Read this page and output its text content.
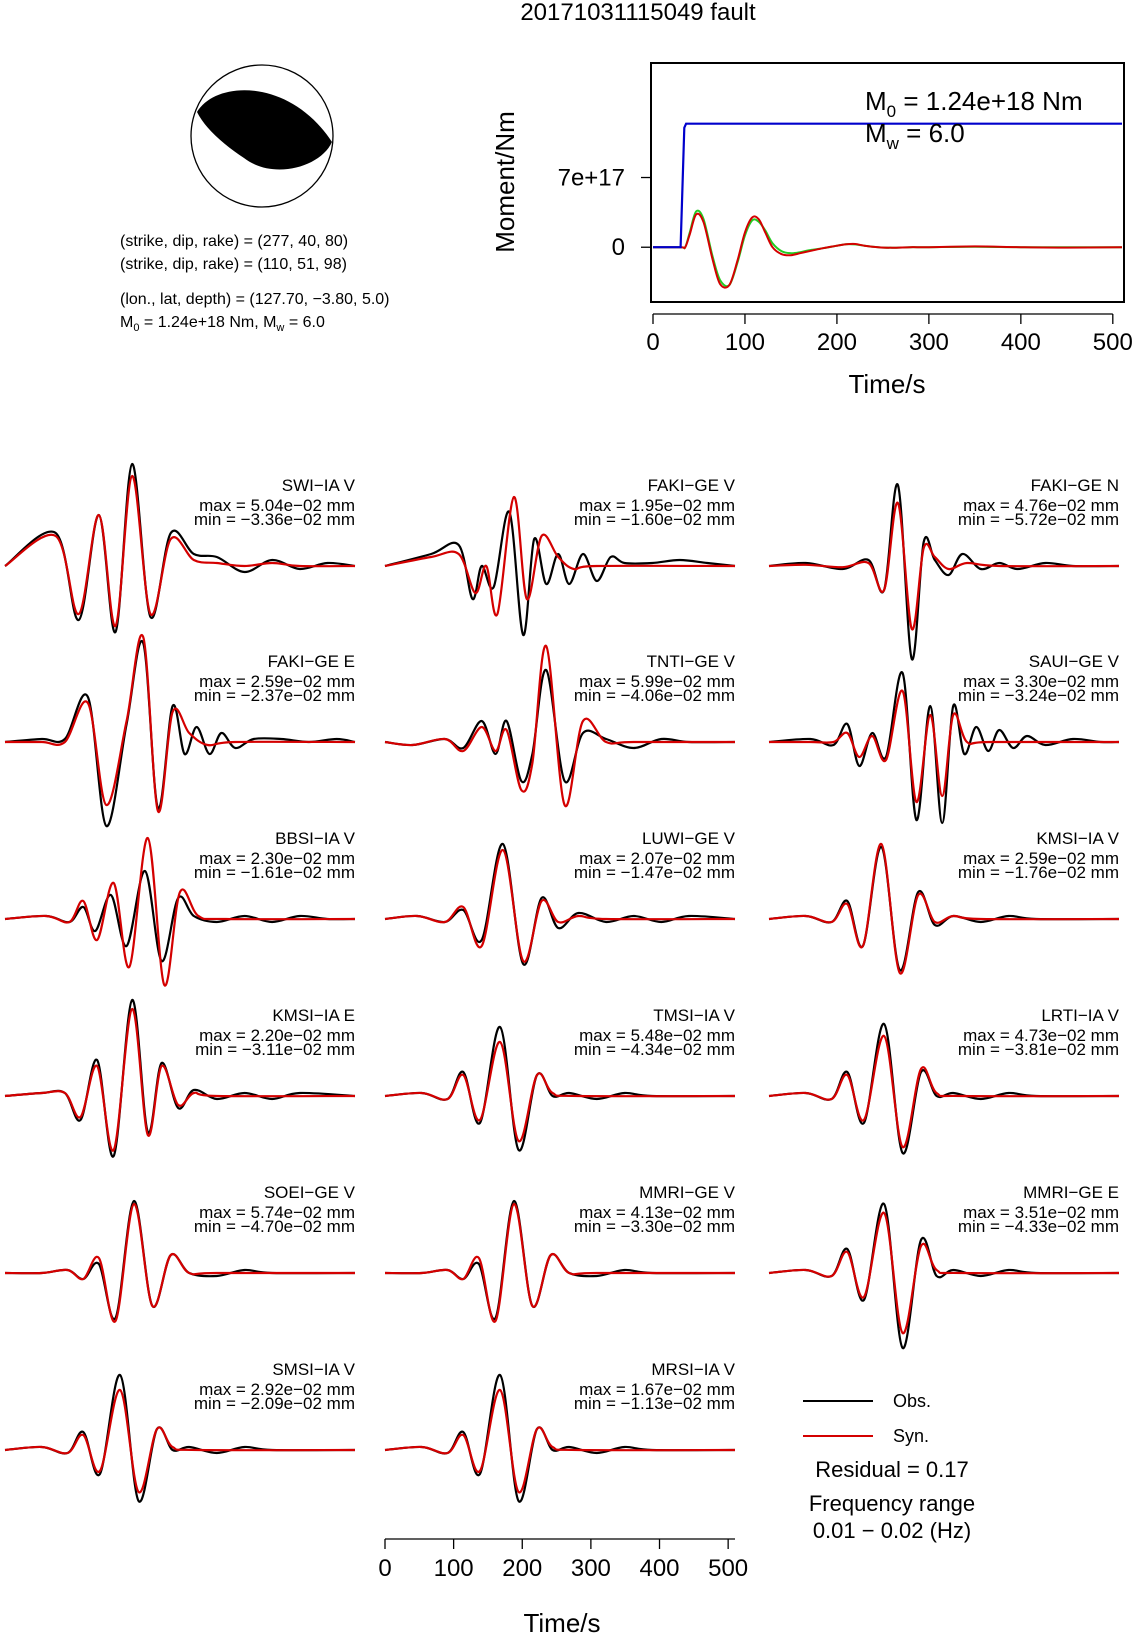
20171031115049 fault
(strike, dip, rake) = (277, 40, 80)
(strike, dip, rake) = (110, 51, 98)
(lon., lat, depth) = (127.70, −3.80, 5.0)
$M_0 = 1.24e+18$ Nm, $M_w = 6.0$
0	100 200 300 400 500
0
7e+17
Time/s
Moment/Nm
$M_0 = 1.24e+18$ Nm
$M_w = 6.0$
SWI−IA V
max = 5.04e−02 mm
min = −3.36e−02 mm
FAKI−GE V
max = 1.95e−02 mm
min = −1.60e−02 mm
FAKI−GE N
max = 4.76e−02 mm
min = −5.72e−02 mm
FAKI−GE E
max = 2.59e−02 mm
min = −2.37e−02 mm
TNTI−GE V
max = 5.99e−02 mm
min = −4.06e−02 mm
SAUI−GE V
max = 3.30e−02 mm
min = −3.24e−02 mm
BBSI−IA V
max = 2.30e−02 mm
min = −1.61e−02 mm
LUWI−GE V
max = 2.07e−02 mm
min = −1.47e−02 mm
KMSI−IA V
max = 2.59e−02 mm
min = −1.76e−02 mm
KMSI−IA E
max = 2.20e−02 mm
min = −3.11e−02 mm
TMSI−IA V
max = 5.48e−02 mm
min = −4.34e−02 mm
LRTI−IA V
max = 4.73e−02 mm
min = −3.81e−02 mm
SOEI−GE V
max = 5.74e−02 mm
min = −4.70e−02 mm
MMRI−GE V
max = 4.13e−02 mm
min = −3.30e−02 mm
MMRI−GE E
max = 3.51e−02 mm
min = −4.33e−02 mm
SMSI−IA V
max = 2.92e−02 mm
min = −2.09e−02 mm
MRSI−IA V
max = 1.67e−02 mm
min = −1.13e−02 mm
0 100 200 300 400 500
Time/s
Obs.
Syn.
Residual = 0.17
Frequency range
0.01 − 0.02 (Hz)
